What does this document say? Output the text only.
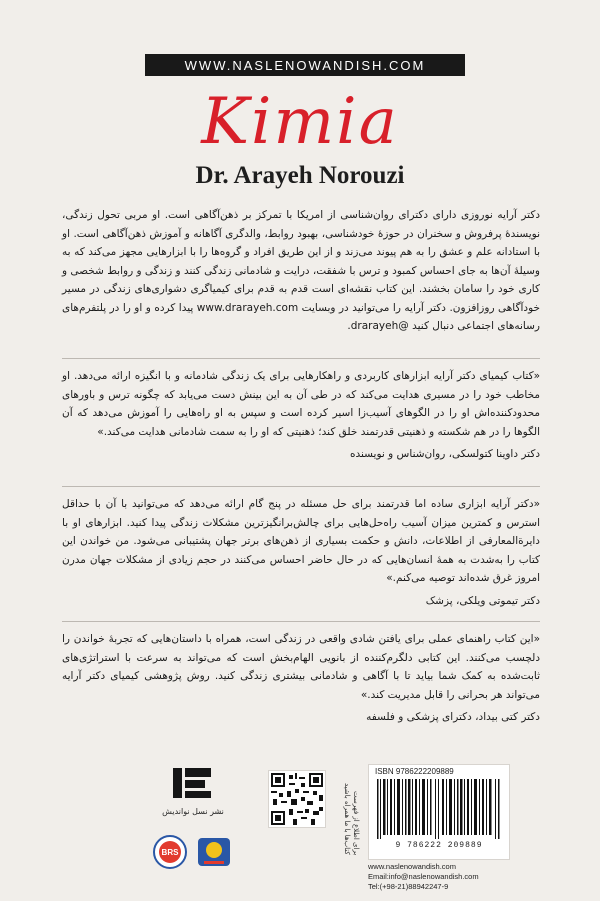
WWW.NASLENOWANDISH.COM
Kimia
Dr. Arayeh Norouzi

دکتر آرایه نوروزی دارای دکترای روان‌شناسی از امریکا با تمرکز بر ذهن‌آگاهی است. او مربی تحول زندگی، نویسندهٔ پرفروش و سخنران در حوزهٔ خودشناسی، بهبود روابط، والدگری آگاهانه و آموزش ذهن‌آگاهی است. او با استادانه علم و عشق را به هم پیوند می‌زند و از این طریق افراد و گروه‌ها را با ابزارهایی مجهز می‌کند که به وسیلهٔ آن‌ها به جای احساس کمبود و ترس با شفقت، درایت و شادمانی زندگی کنند و زندگی و روابط شخصی و کاری خود را سامان بخشند. این کتاب نقشه‌ای است قدم به قدم برای کیمیاگری دشواری‌های زندگی در مسیر خودآگاهی روزافزون. دکتر آرایه را می‌توانید در وبسایت www.drarayeh.com پیدا کرده و او را در پلتفرم‌های رسانه‌های اجتماعی دنبال کنید @drarayeh.

«کتاب کیمیای دکتر آرایه ابزارهای کاربردی و راهکارهایی برای یک زندگی شادمانه و با انگیزه ارائه می‌دهد. او مخاطب خود را در مسیری هدایت می‌کند که در طی آن به این بینش دست می‌یابد که چگونه ترس و باورهای محدودکننده‌اش او را در الگوهای آسیب‌زا اسیر کرده است و سپس به او راه‌هایی را آموزش می‌دهد که آن الگوها را در هم شکسته و ذهنیتی قدرتمند خلق کند؛ ذهنیتی که او را به سمت شادمانی هدایت می‌کند.»

دکتر داوینا کتولسکی، روان‌شناس و نویسنده

«دکتر آرایه ابزاری ساده اما قدرتمند برای حل مسئله در پنج گام ارائه می‌دهد که می‌توانید با آن با حداقل استرس و کمترین میزان آسیب راه‌حل‌هایی برای چالش‌برانگیزترین مشکلات زندگی پیدا کنید. ابزارهای او با دایرةالمعارفی از اطلاعات، دانش و حکمت بسیاری از ذهن‌های برتر جهان پشتیبانی می‌شود. من خواندن این کتاب را به‌شدت به همهٔ انسان‌هایی که در حال حاضر احساس می‌کنند در حجم زیادی از مشکلات جهان مدرن امروز غرق شده‌اند توصیه می‌کنم.»

دکتر تیموتی ویلکی، پزشک

«این کتاب راهنمای عملی برای یافتن شادی واقعی در زندگی است، همراه با داستان‌هایی که تجربهٔ خواندن را دلچسب می‌کنند. این کتابی دلگرم‌کننده از بانویی الهام‌بخش است که می‌تواند به سرعت با استراتژی‌های ثابت‌شده به کمک شما بیاید تا با آگاهی و شادمانی بیشتری زندگی کنید. روش پژوهشی کیمیای دکتر آرایه می‌تواند هر بحرانی را قابل مدیریت کند.»

دکتر کتی بیداد، دکترای پزشکی و فلسفه

ISBN 9786222209889
9 786222 209889
www.naslenowandish.com
Email:info@naslenowandish.com
Tel:(+98-21)88942247-9
برای اطلاع از فهرست کتاب‌ها با ما همراه باشید
نشر نسل نواندیش
BRS
